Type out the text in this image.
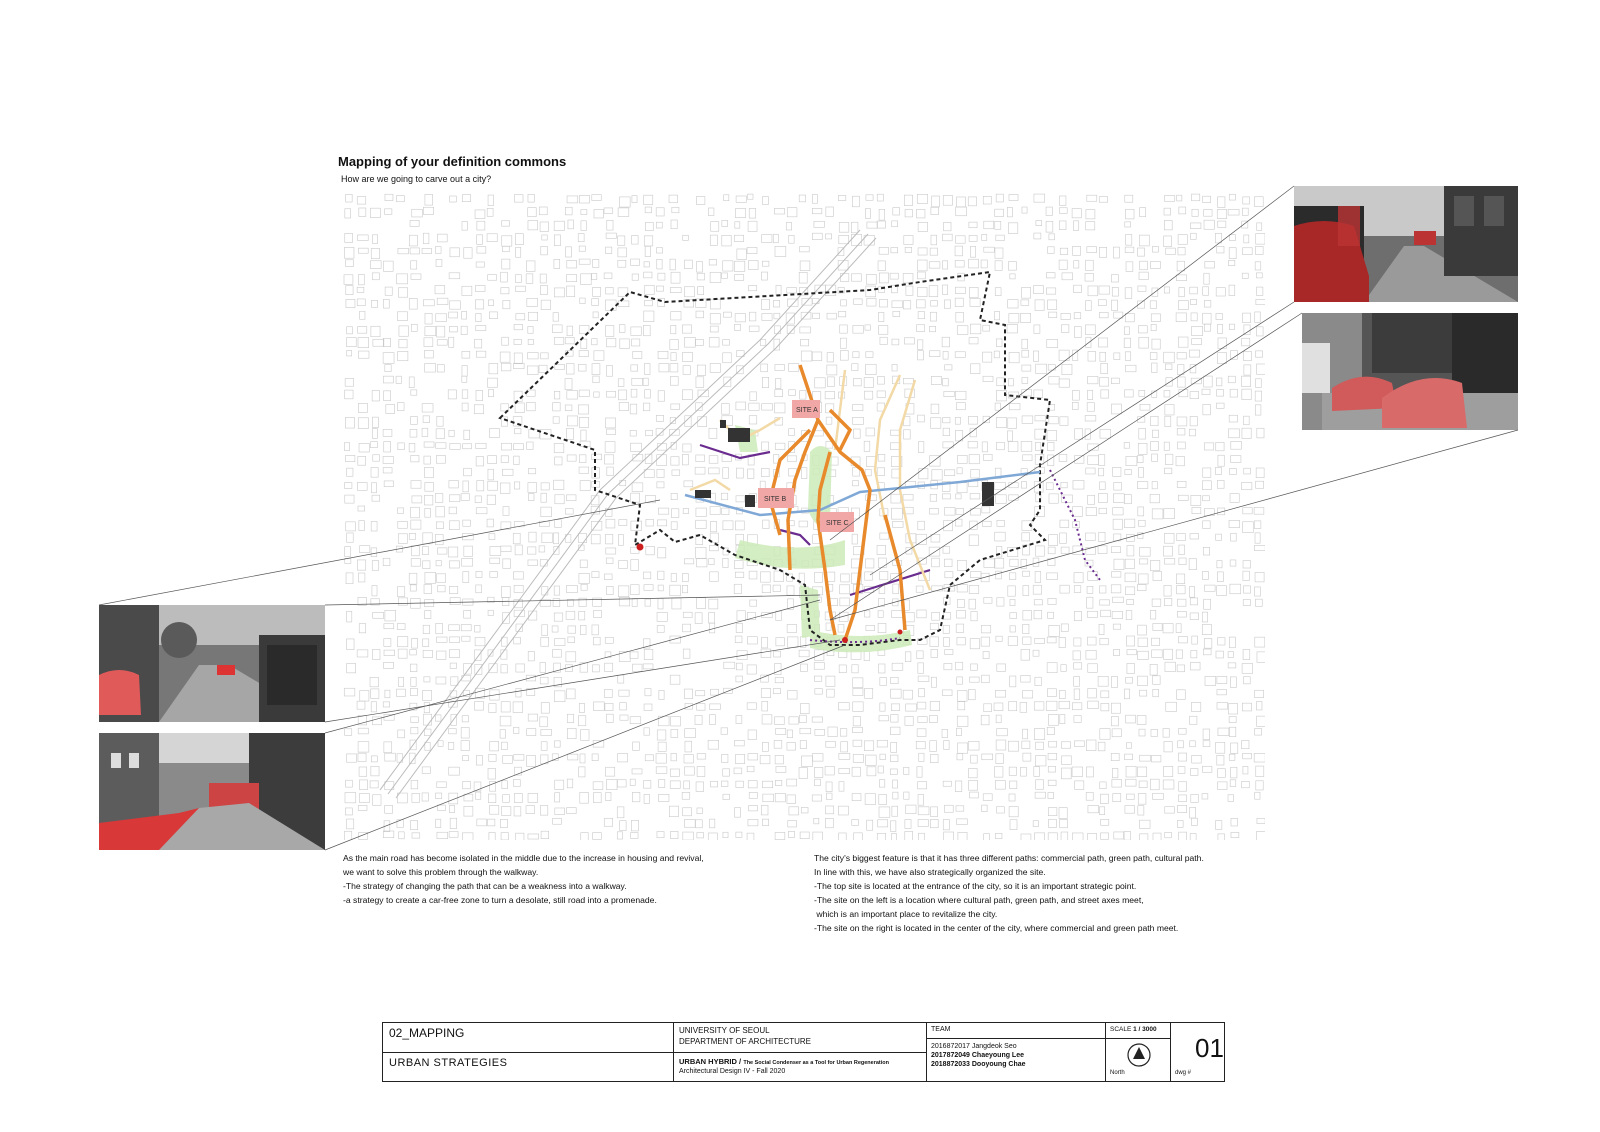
Mapping of your definition commons
How are we going to carve out a city?
SITE A
SITE B
SITE C

As the main road has become isolated in the middle due to the increase in housing and revival,

we want to solve this problem through the walkway.

-The strategy of changing the path that can be a weakness into a walkway.

-a strategy to create a car-free zone to turn a desolate, still road into a promenade.

The city's biggest feature is that it has three different paths: commercial path, green path, cultural path.

In line with this, we have also strategically organized the site.

-The top site is located at the entrance of the city, so it is an important strategic point.

-The site on the left is a location where cultural path, green path, and street axes meet,

which is an important place to revitalize the city.

-The site on the right is located in the center of the city, where commercial and green path meet.

02_MAPPING
URBAN STRATEGIES
UNIVERSITY OF SEOUL
DEPARTMENT OF ARCHITECTURE
URBAN HYBRID / The Social Condenser as a Tool for Urban Regeneration
Architectural Design IV - Fall 2020
TEAM
2016872017 Jangdeok Seo
2017872049 Chaeyoung Lee
2018872033 Dooyoung Chae
SCALE 1 / 3000
North
01
dwg #
